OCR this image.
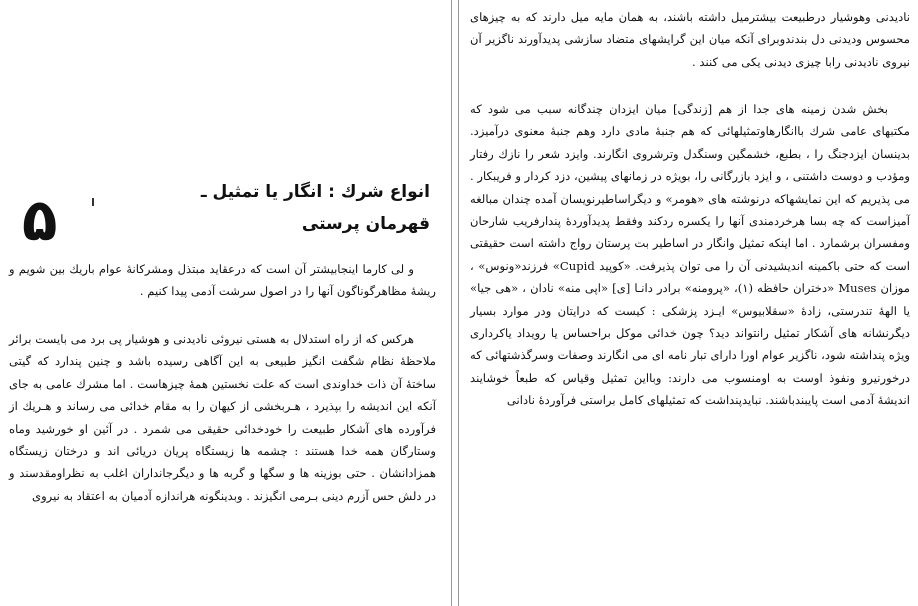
۵	انواع شرك : انگار یا تمثیل ـ
قهرمان پرستی

و لی کارما اینجابیشتر آن است که درعقاید مبتذل ومشرکانهٔ عوام باریك بین شویم و ریشهٔ مظاهرگوناگون آنها را در اصول سرشت آدمی پیدا کنیم .

هرکس که از راه استدلال به هستی نیروئی نادیدنی و هوشیار پی برد می بایست برائر ملاحظهٔ نظام شگفت انگیز طبیعی به این آگاهی رسیده باشد و چنین پندارد که گیتی ساختهٔ آن ذات خداوندی است که علت نخستین همهٔ چیزهاست . اما مشرك عامی به جای آنکه این اندیشه را بپذیرد ، هـربخشی از کیهان را به مقام خدائی می رساند و هـریك از فرآورده های آشکار طبیعت را خودخدائی حقیقی می شمرد . در آئین او خورشید وماه وستارگان همه خدا هستند : چشمه ها زیستگاه پریان دریائی اند و درختان زیستگاه همزادانشان . حتی بوزینه ها و سگها و گربه ها و دیگرجانداران اغلب به نظراومقدسند و در دلش حس آزرم دینی بـرمی انگیزند . وبدینگونه هراندازه آدمیان به اعتقاد به نیروی

نادیدنی وهوشیار درطبیعت بیشترمیل داشته باشند، به همان مایه میل دارند که به چیزهای محسوس ودیدنی دل بندندوبرای آنکه میان این گرایشهای متضاد سازشی پدیدآورند ناگزیر آن نیروی نادیدنی رابا چیزی دیدنی یکی می کنند .

بخش شدن زمینه های جدا از هم [زندگی] میان ایزدان چندگانه سبب می شود که مکتبهای عامی شرك باانگارهاوتمثیلهائی که هم جنبهٔ مادی دارد وهم جنبهٔ معنوی درآمیزد. بدینسان ایزدجنگ را ، بطبع، خشمگین وسنگدل وترشروی انگارند. وایزد شعر را نازك رفتار ومؤدب و دوست داشتنی ، و ایزد بازرگانی را، بویژه در زمانهای پیشین، دزد کردار و فریبکار . می پذیریم که این نمایشهاکه درنوشته های «هومر» و دیگراساطیرنویسان آمده چندان مبالغه آمیزاست که چه بسا هرخردمندی آنها را یکسره ردکند وفقط پدیدآوردهٔ پندارفریب شارحان ومفسران برشمارد . اما اینکه تمثیل وانگار در اساطیر بت پرستان رواج داشته است حقیقتی است که حتی باکمینه اندیشیدنی آن را می توان پذیرفت. «کوپید Cupid» فرزند«ونوس» ، موزان Muses «دختران حافظه (۱)، «پرومنه» برادر دانـا [ی] «اپی منه» نادان ، «هی جیا» یا الههٔ تندرستی، زادهٔ «سقلابیوس» ایـزد پزشکی : کیست که درایتان ودر موارد بسیار دیگرنشانه های آشکار تمثیل رانتواند دید؟ چون خدائی موکل براحساس یا رویداد یاکرداری ویژه پنداشته شود، ناگزیر عوام اورا دارای تبار نامه ای می انگارند وصفات وسرگذشتهائی که درخورنیرو ونفوذ اوست به اومنسوب می دارند: وبااین تمثیل وقیاس که طبعاً خوشایند اندیشهٔ آدمی است پایبندباشند. نبایدپنداشت که تمثیلهای کامل براستی فرآوردهٔ نادانی
